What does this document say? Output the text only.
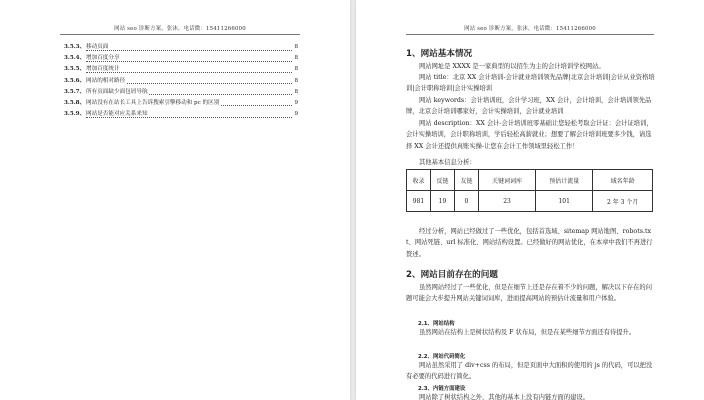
网站 seo 诊断方案，张沐，电话微：15411266000
3.5.3、 移动页面	8
3.5.4、 增加百度分享	8
3.5.5、 增加百度统计	8
3.5.6、 网站的相对路径	8
3.5.7、 所有页面缺少面包屑导航	8
3.5.8、 网站没有在站长工具上告诉搜索引擎移动和 pc 的区别	9
3.5.9、 网站是否能对应关系来知	9
网站 seo 诊断方案，张沐，电话微：15411266000
1、网站基本情况
网站网址是 XXXX 是一家典型的以招生为主的会计培训学校网站。
网站 title：北京 XX 会计培训-会计就业培训领先品牌|北京会计培训|会计从业资格培训|会计职称培训|会计实操培训
网站 keywords：会计培训班，会计学习班，XX 会计，会计培训，会计培训领先品牌，北京会计培训哪家好，会计实操培训，会计就业培训
网站 description：XX 会计-会计培训班零基础让您轻松考取会计证：会计证培训，会计实操培训，会计职称培训，学后轻松高薪就业；想要了解会计培训班要多少钱，请选择 XX 会计还提供真账实操-让您在会计工作领域里轻松工作！
其他基本信息分析：
收录	反链	友链	关键词词库	预估计流量	域名年龄
981	19	0	23	101	2 年 3 个月
经过分析，网站已经做过了一些优化，包括首选域、sitemap 网站地图、robots.txt、网站死链、url 标准化、网站结构设置。已经做好的网站优化，在本章中我们不再进行赘述。
2、网站目前存在的问题
虽然网站经过了一些优化，但是在细节上还是存在着不少的问题，解决以下存在的问题可能会大步提升网站关键词词库，进而提高网站的预估计流量和用户体验。
2.1、网站结构
虽然网站在结构上是树状结构及 F 状布局，但是在某些细节方面还有待提升。
2.2、网站代码简化
网站虽然采用了 div+css 的布局，但是页面中大面积的使用的 js 的代码，可以把没有必要的代码进行简化。
2.3、内链方面建设
网站除了树状结构之外，其他的基本上没有内链方面的建设。
